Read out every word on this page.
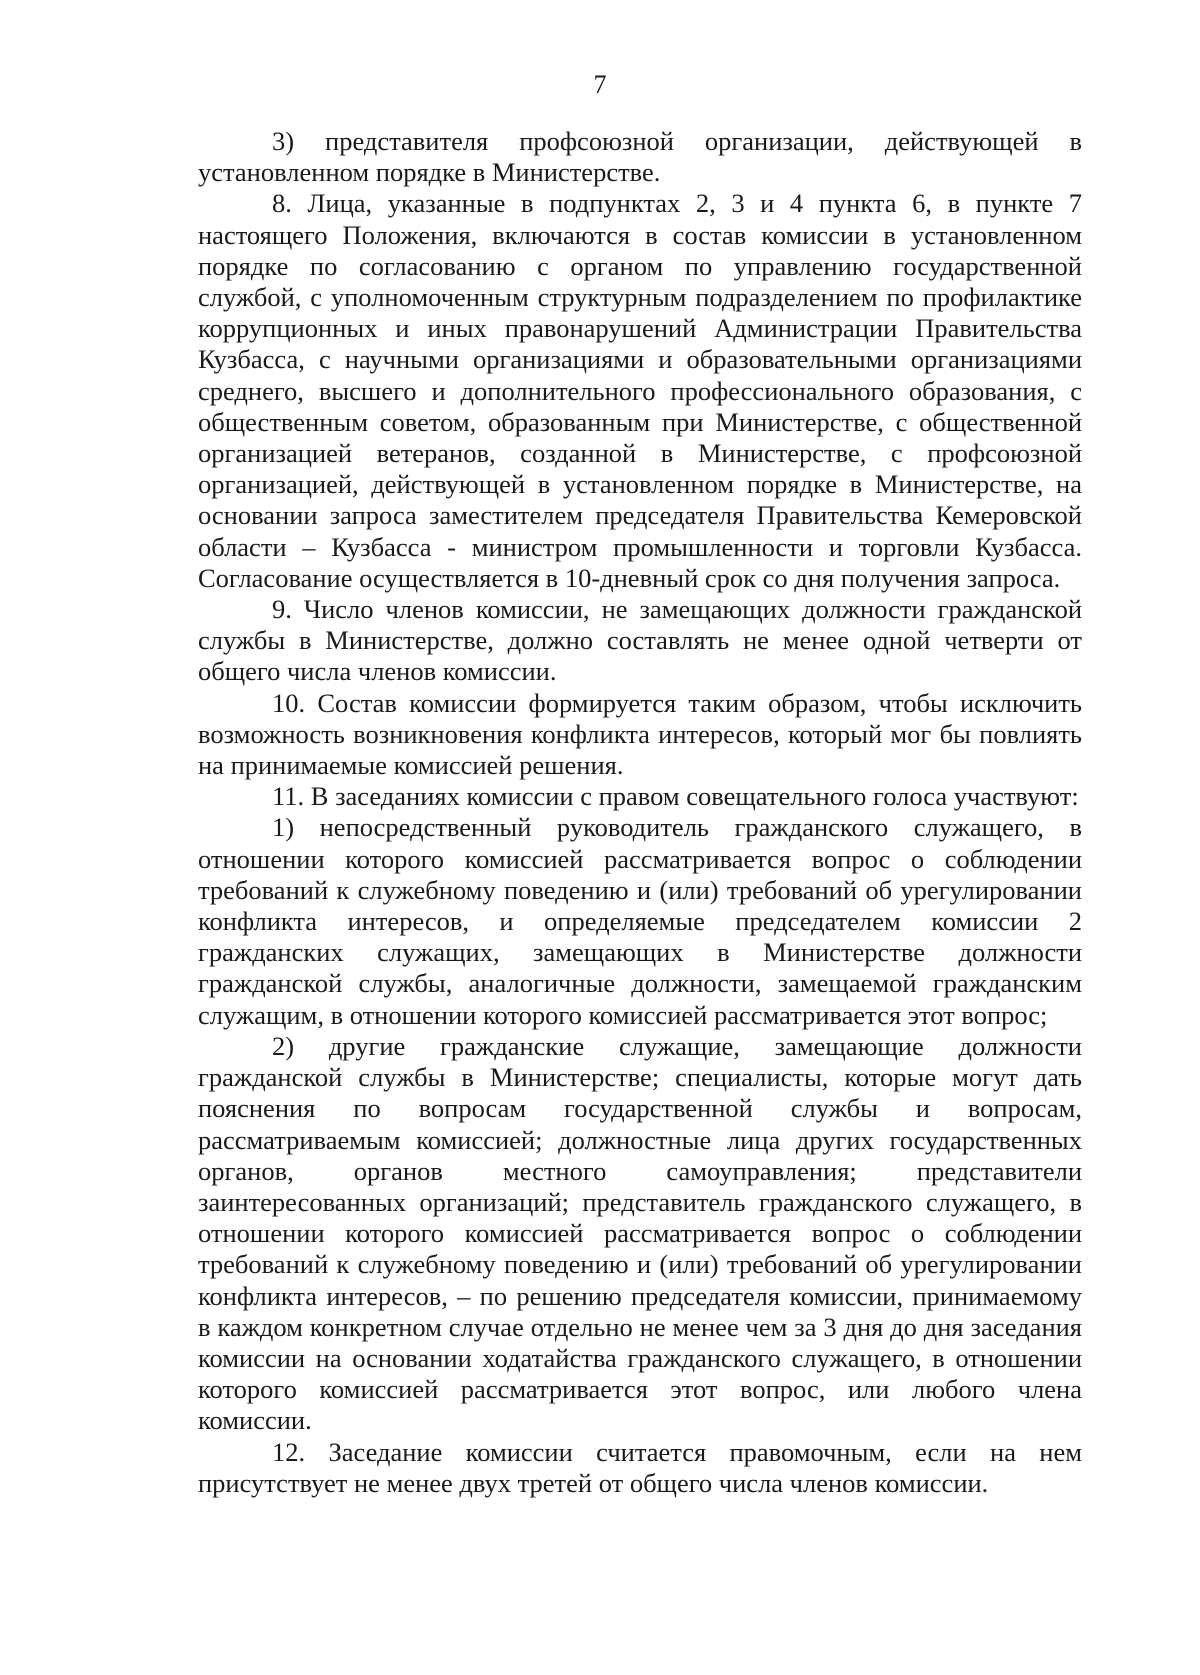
7

3) представителя профсоюзной организации, действующей в установленном порядке в Министерстве.

8. Лица, указанные в подпунктах 2, 3 и 4 пункта 6, в пункте 7 настоящего Положения, включаются в состав комиссии в установленном порядке по согласованию с органом по управлению государственной службой, с уполномоченным структурным подразделением по профилактике коррупционных и иных правонарушений Администрации Правительства Кузбасса, с научными организациями и образовательными организациями среднего, высшего и дополнительного профессионального образования, с общественным советом, образованным при Министерстве, с общественной организацией ветеранов, созданной в Министерстве, с профсоюзной организацией, действующей в установленном порядке в Министерстве, на основании запроса заместителем председателя Правительства Кемеровской области – Кузбасса - министром промышленности и торговли Кузбасса. Согласование осуществляется в 10-дневный срок со дня получения запроса.

9. Число членов комиссии, не замещающих должности гражданской службы в Министерстве, должно составлять не менее одной четверти от общего числа членов комиссии.

10. Состав комиссии формируется таким образом, чтобы исключить возможность возникновения конфликта интересов, который мог бы повлиять на принимаемые комиссией решения.

11. В заседаниях комиссии с правом совещательного голоса участвуют:

1) непосредственный руководитель гражданского служащего, в отношении которого комиссией рассматривается вопрос о соблюдении требований к служебному поведению и (или) требований об урегулировании конфликта интересов, и определяемые председателем комиссии 2 гражданских служащих, замещающих в Министерстве должности гражданской службы, аналогичные должности, замещаемой гражданским служащим, в отношении которого комиссией рассматривается этот вопрос;

2) другие гражданские служащие, замещающие должности гражданской службы в Министерстве; специалисты, которые могут дать пояснения по вопросам государственной службы и вопросам, рассматриваемым комиссией; должностные лица других государственных органов, органов местного самоуправления; представители заинтересованных организаций; представитель гражданского служащего, в отношении которого комиссией рассматривается вопрос о соблюдении требований к служебному поведению и (или) требований об урегулировании конфликта интересов, – по решению председателя комиссии, принимаемому в каждом конкретном случае отдельно не менее чем за 3 дня до дня заседания комиссии на основании ходатайства гражданского служащего, в отношении которого комиссией рассматривается этот вопрос, или любого члена комиссии.

12. Заседание комиссии считается правомочным, если на нем присутствует не менее двух третей от общего числа членов комиссии.
